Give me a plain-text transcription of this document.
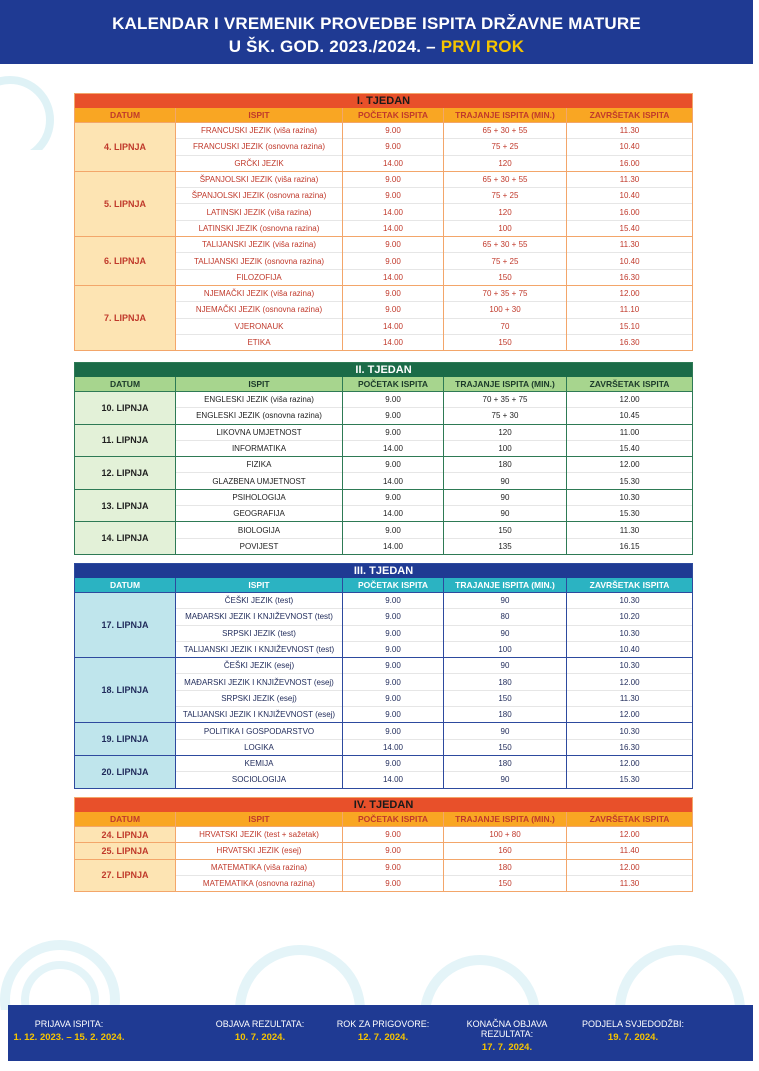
KALENDAR I VREMENIK PROVEDBE ISPITA DRŽAVNE MATURE
U ŠK. GOD. 2023./2024. – PRVI ROK
I. TJEDAN				
DATUM	ISPIT	POČETAK ISPITA	TRAJANJE ISPITA (MIN.)	ZAVRŠETAK ISPITA
4. LIPNJA	FRANCUSKI JEZIK (viša razina)	9.00	65 + 30 + 55	11.30
	FRANCUSKI JEZIK (osnovna razina)	9.00	75 + 25	10.40
	GRČKI JEZIK	14.00	120	16.00
5. LIPNJA	ŠPANJOLSKI JEZIK (viša razina)	9.00	65 + 30 + 55	11.30
	ŠPANJOLSKI JEZIK (osnovna razina)	9.00	75 + 25	10.40
	LATINSKI JEZIK (viša razina)	14.00	120	16.00
	LATINSKI JEZIK (osnovna razina)	14.00	100	15.40
6. LIPNJA	TALIJANSKI JEZIK (viša razina)	9.00	65 + 30 + 55	11.30
	TALIJANSKI JEZIK (osnovna razina)	9.00	75 + 25	10.40
	FILOZOFIJA	14.00	150	16.30
7. LIPNJA	NJEMAČKI JEZIK (viša razina)	9.00	70 + 35 + 75	12.00
	NJEMAČKI JEZIK (osnovna razina)	9.00	100 + 30	11.10
	VJERONAUK	14.00	70	15.10
	ETIKA	14.00	150	16.30
II. TJEDAN				
DATUM	ISPIT	POČETAK ISPITA	TRAJANJE ISPITA (MIN.)	ZAVRŠETAK ISPITA
10. LIPNJA	ENGLESKI JEZIK (viša razina)	9.00	70 + 35 + 75	12.00
	ENGLESKI JEZIK (osnovna razina)	9.00	75 + 30	10.45
11. LIPNJA	LIKOVNA UMJETNOST	9.00	120	11.00
	INFORMATIKA	14.00	100	15.40
12. LIPNJA	FIZIKA	9.00	180	12.00
	GLAZBENA UMJETNOST	14.00	90	15.30
13. LIPNJA	PSIHOLOGIJA	9.00	90	10.30
	GEOGRAFIJA	14.00	90	15.30
14. LIPNJA	BIOLOGIJA	9.00	150	11.30
	POVIJEST	14.00	135	16.15
III. TJEDAN				
DATUM	ISPIT	POČETAK ISPITA	TRAJANJE ISPITA (MIN.)	ZAVRŠETAK ISPITA
17. LIPNJA	ČEŠKI JEZIK (test)	9.00	90	10.30
	MAĐARSKI JEZIK I KNJIŽEVNOST (test)	9.00	80	10.20
	SRPSKI JEZIK (test)	9.00	90	10.30
	TALIJANSKI JEZIK I KNJIŽEVNOST (test)	9.00	100	10.40
18. LIPNJA	ČEŠKI JEZIK (esej)	9.00	90	10.30
	MAĐARSKI JEZIK I KNJIŽEVNOST (esej)	9.00	180	12.00
	SRPSKI JEZIK (esej)	9.00	150	11.30
	TALIJANSKI JEZIK I KNJIŽEVNOST (esej)	9.00	180	12.00
19. LIPNJA	POLITIKA I GOSPODARSTVO	9.00	90	10.30
	LOGIKA	14.00	150	16.30
20. LIPNJA	KEMIJA	9.00	180	12.00
	SOCIOLOGIJA	14.00	90	15.30
IV. TJEDAN				
DATUM	ISPIT	POČETAK ISPITA	TRAJANJE ISPITA (MIN.)	ZAVRŠETAK ISPITA
24. LIPNJA	HRVATSKI JEZIK (test + sažetak)	9.00	100 + 80	12.00
25. LIPNJA	HRVATSKI JEZIK (esej)	9.00	160	11.40
27. LIPNJA	MATEMATIKA (viša razina)	9.00	180	12.00
	MATEMATIKA (osnovna razina)	9.00	150	11.30
PRIJAVA ISPITA:
1. 12. 2023. – 15. 2. 2024.
OBJAVA REZULTATA:
10. 7. 2024.
ROK ZA PRIGOVORE:
12. 7. 2024.
KONAČNA OBJAVA REZULTATA:
17. 7. 2024.
PODJELA SVJEDODŽBI:
19. 7. 2024.
